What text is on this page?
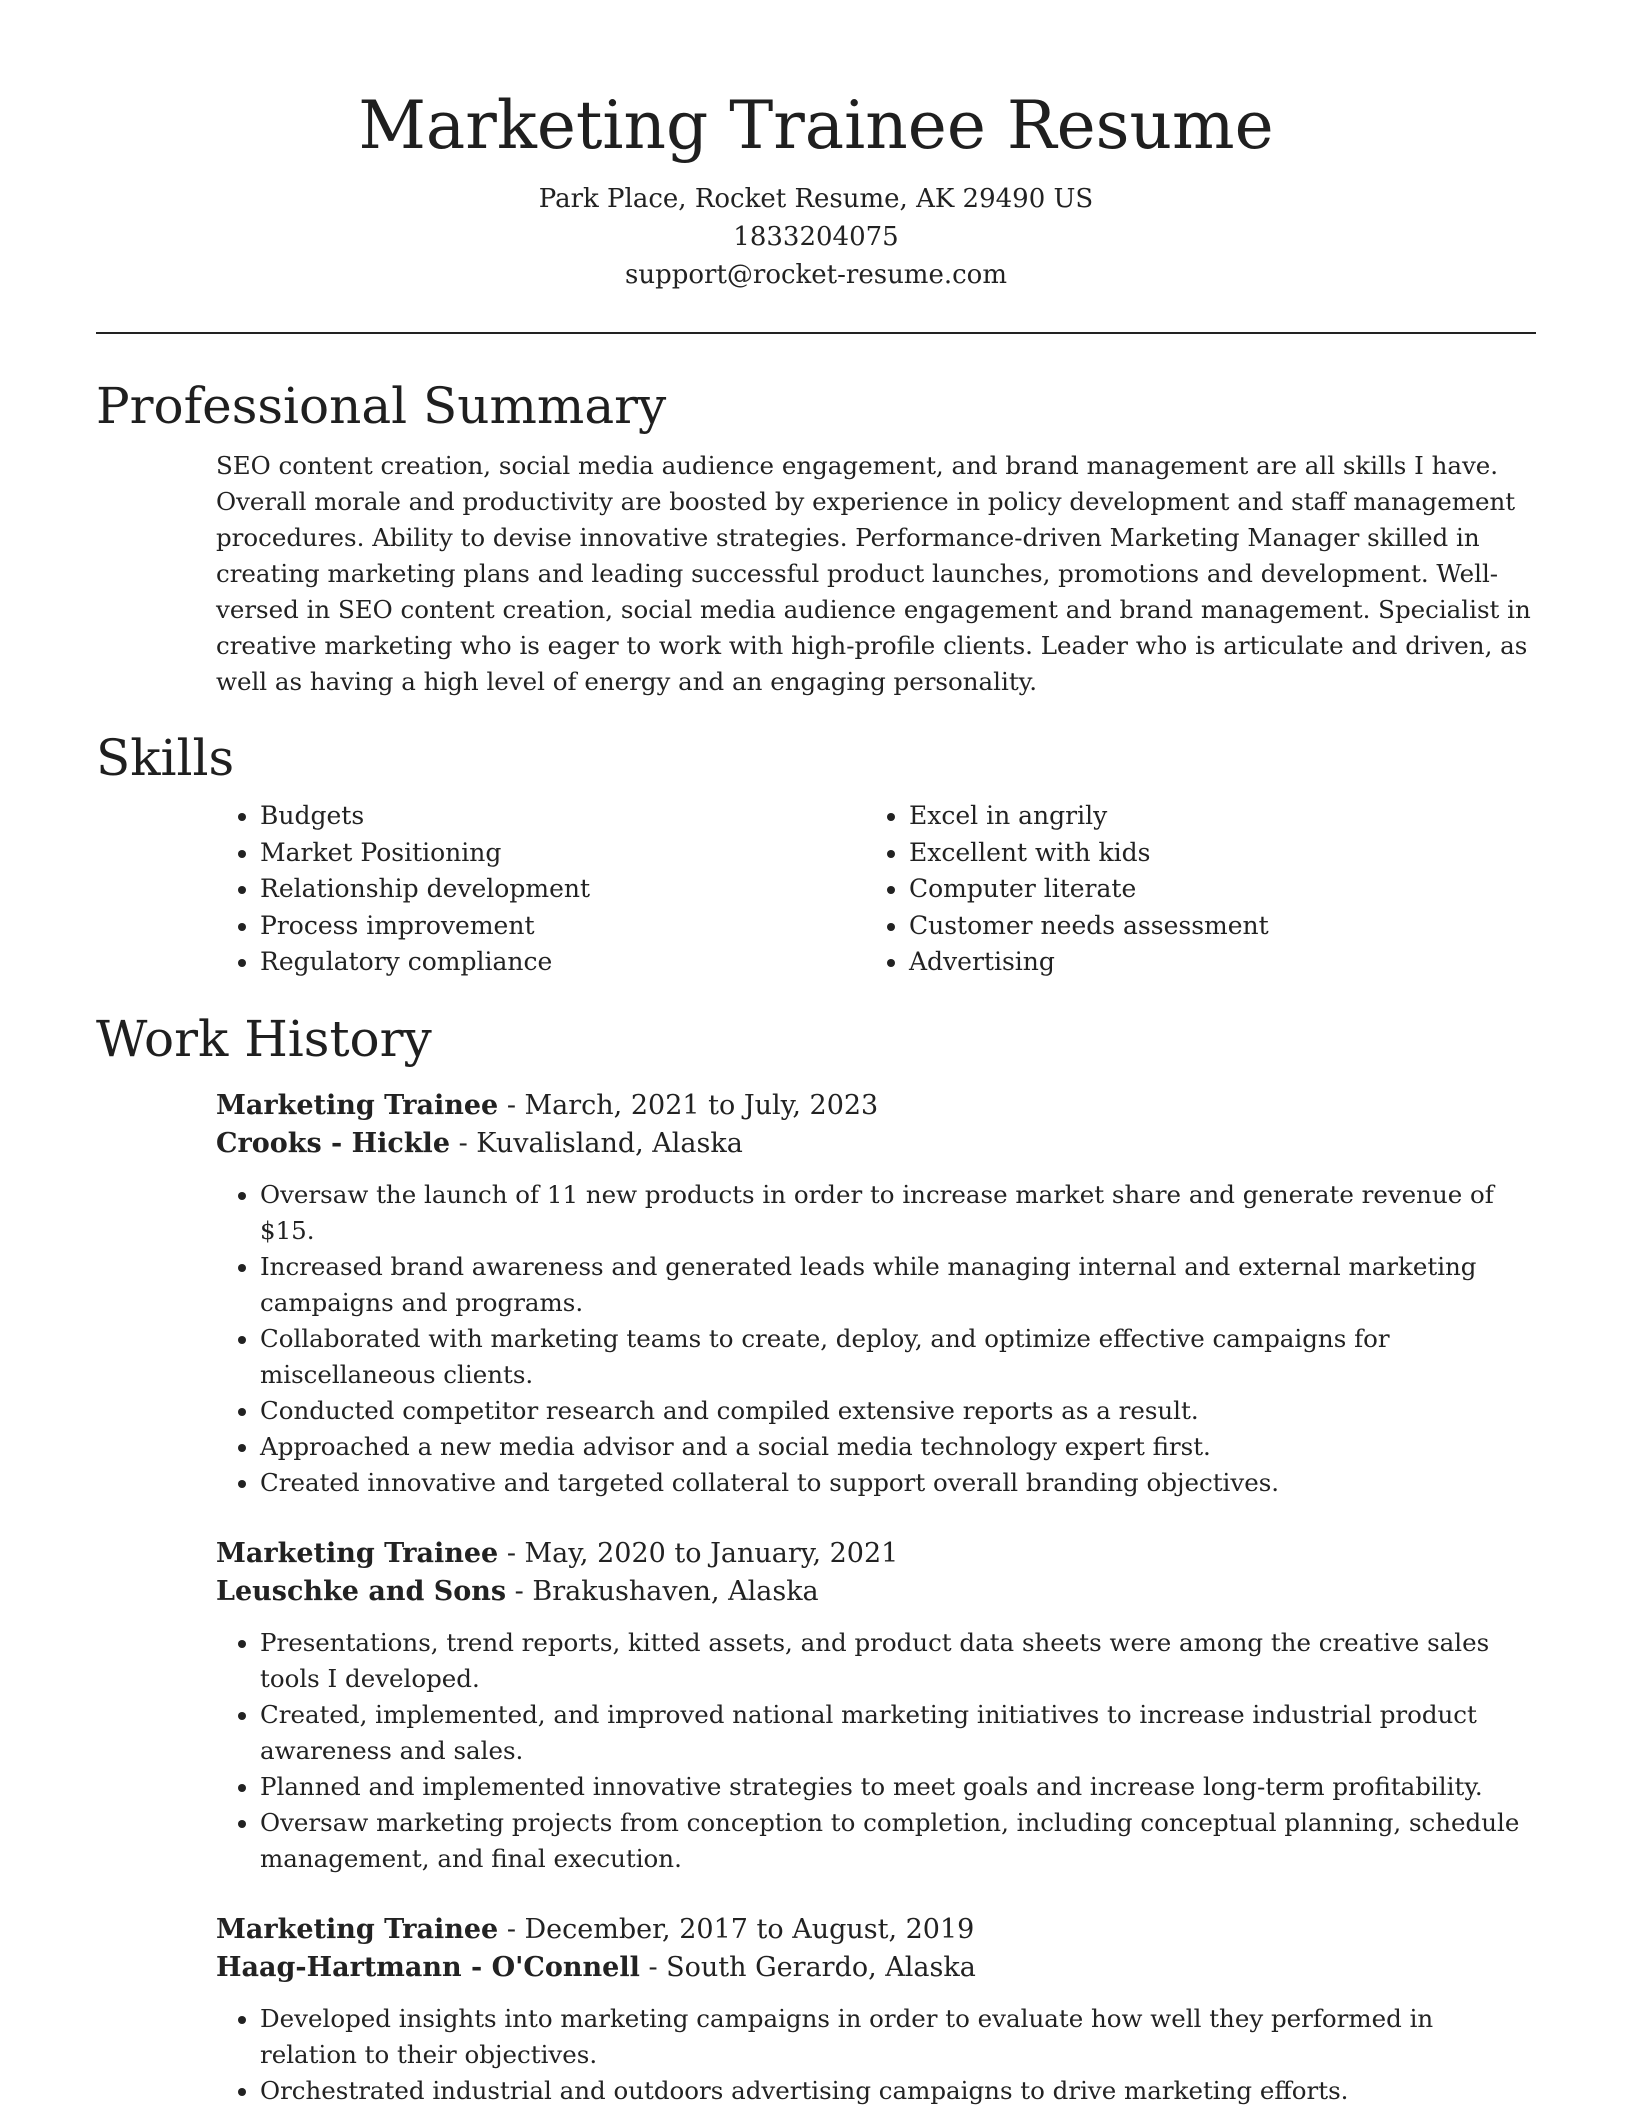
Marketing Trainee Resume
Park Place, Rocket Resume, AK 29490 US
1833204075
support@rocket-resume.com
Professional Summary

SEO content creation, social media audience engagement, and brand management are all skills I have. Overall morale and productivity are boosted by experience in policy development and staff management procedures. Ability to devise innovative strategies. Performance-driven Marketing Manager skilled in creating marketing plans and leading successful product launches, promotions and development. Well-versed in SEO content creation, social media audience engagement and brand management. Specialist in creative marketing who is eager to work with high-profile clients. Leader who is articulate and driven, as well as having a high level of energy and an engaging personality.

Skills
• Budgets
• Market Positioning
• Relationship development
• Process improvement
• Regulatory compliance
• Excel in angrily
• Excellent with kids
• Computer literate
• Customer needs assessment
• Advertising
Work History
Marketing Trainee - March, 2021 to July, 2023
Crooks - Hickle - Kuvalisland, Alaska
• Oversaw the launch of 11 new products in order to increase market share and generate revenue of $15.
• Increased brand awareness and generated leads while managing internal and external marketing campaigns and programs.
• Collaborated with marketing teams to create, deploy, and optimize effective campaigns for miscellaneous clients.
• Conducted competitor research and compiled extensive reports as a result.
• Approached a new media advisor and a social media technology expert first.
• Created innovative and targeted collateral to support overall branding objectives.
Marketing Trainee - May, 2020 to January, 2021
Leuschke and Sons - Brakushaven, Alaska
• Presentations, trend reports, kitted assets, and product data sheets were among the creative sales tools I developed.
• Created, implemented, and improved national marketing initiatives to increase industrial product awareness and sales.
• Planned and implemented innovative strategies to meet goals and increase long-term profitability.
• Oversaw marketing projects from conception to completion, including conceptual planning, schedule management, and final execution.
Marketing Trainee - December, 2017 to August, 2019
Haag-Hartmann - O'Connell - South Gerardo, Alaska
• Developed insights into marketing campaigns in order to evaluate how well they performed in relation to their objectives.
• Orchestrated industrial and outdoors advertising campaigns to drive marketing efforts.
